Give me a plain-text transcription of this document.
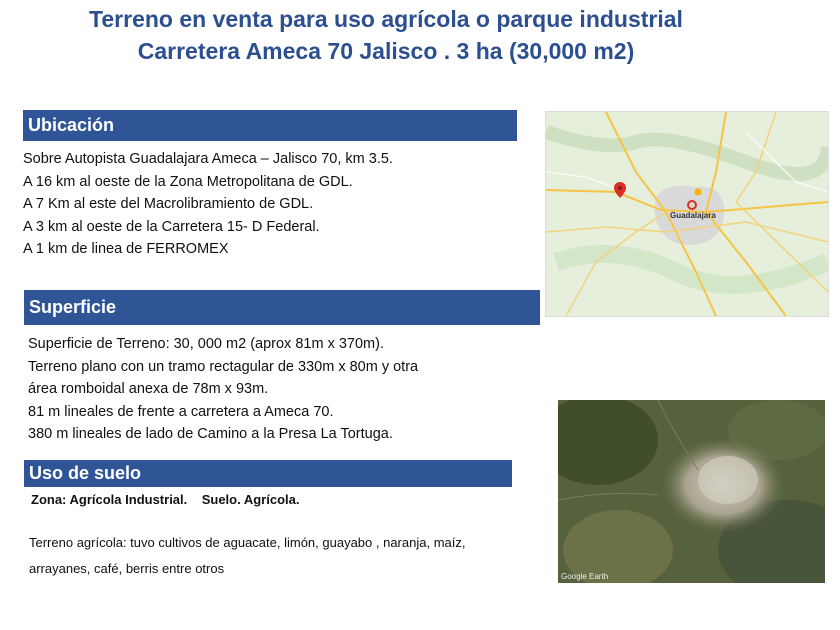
Terreno en venta para uso agrícola o parque industrial
Carretera Ameca 70 Jalisco . 3 ha (30,000 m2)
Ubicación
Sobre Autopista Guadalajara Ameca – Jalisco 70, km 3.5.
A 16 km al oeste de la Zona Metropolitana de GDL.
A 7 Km al este del Macrolibramiento de GDL.
A 3 km al oeste de la Carretera 15- D Federal.
A 1 km de linea de FERROMEX
Superficie
Superficie de Terreno: 30, 000 m2 (aprox 81m x 370m).
Terreno plano con un tramo rectagular de 330m x 80m y otra
área romboidal anexa de 78m x 93m.
81 m lineales de frente a carretera a Ameca 70.
380 m lineales de lado de Camino a la Presa La Tortuga.
Uso de suelo
Zona: Agrícola Industrial.    Suelo. Agrícola.
Terreno agrícola: tuvo cultivos de aguacate, limón, guayabo , naranja, maíz,
arrayanes, café, berris entre otros
Guadalajara
Google Earth
